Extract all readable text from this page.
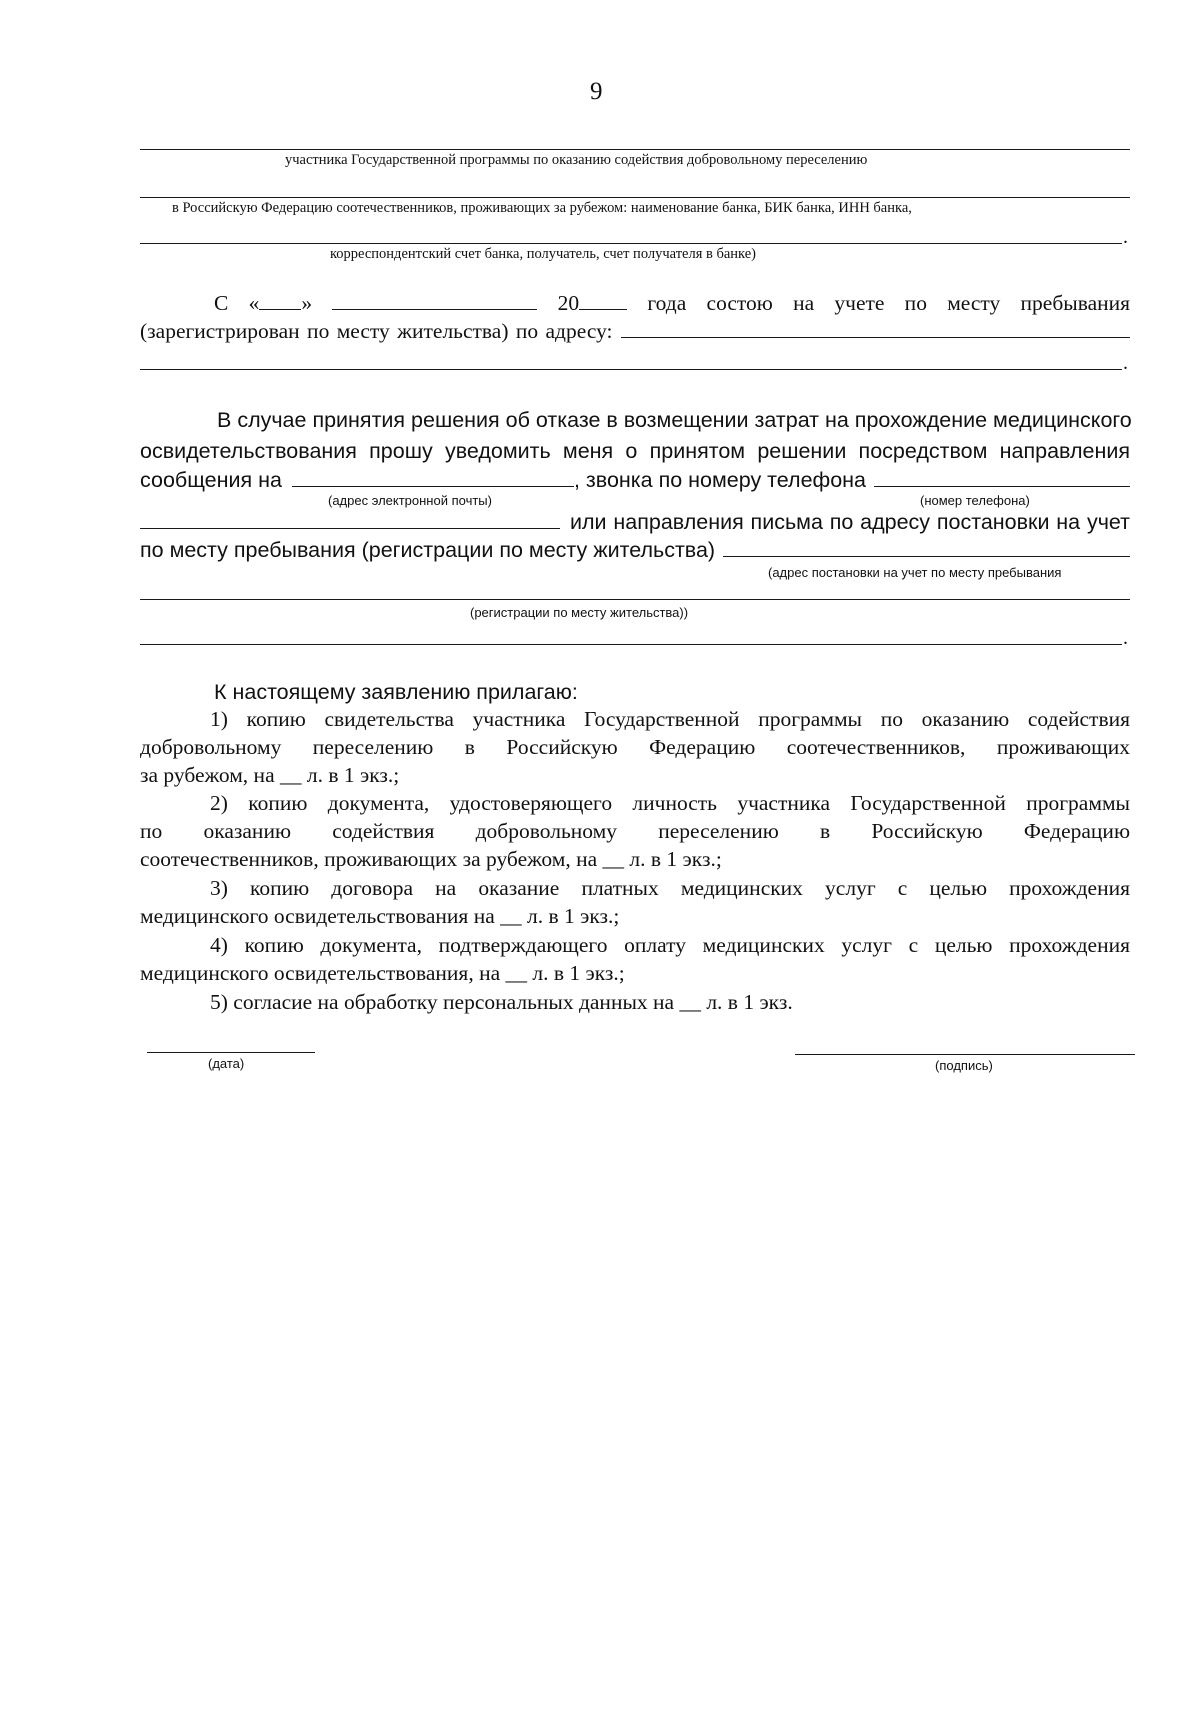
9
участника Государственной программы по оказанию содействия добровольному переселению
в Российскую Федерацию соотечественников, проживающих за рубежом: наименование банка, БИК банка, ИНН банка,
.
корреспондентский счет банка, получатель, счет получателя в банке)
С « »	20	года состою на учете по месту пребывания
(зарегистрирован по месту жительства) по адресу:
.
В случае принятия решения об отказе в возмещении затрат на прохождение медицинского
освидетельствования прошу уведомить меня о принятом решении посредством направления
сообщения на	, звонка по номеру телефона
(адрес электронной почты)	(номер телефона)
или направления письма по адресу постановки на учет
по месту пребывания (регистрации по месту жительства)
(адрес постановки на учет по месту пребывания
(регистрации по месту жительства))
.
К настоящему заявлению прилагаю:
1) копию свидетельства участника Государственной программы по оказанию содействия
добровольному переселению в Российскую Федерацию соотечественников, проживающих
за рубежом, на __ л. в 1 экз.;
2) копию документа, удостоверяющего личность участника Государственной программы
по оказанию содействия добровольному переселению в Российскую Федерацию
соотечественников, проживающих за рубежом, на __ л. в 1 экз.;
3) копию договора на оказание платных медицинских услуг с целью прохождения
медицинского освидетельствования на __ л. в 1 экз.;
4) копию документа, подтверждающего оплату медицинских услуг с целью прохождения
медицинского освидетельствования, на __ л. в 1 экз.;
5) согласие на обработку персональных данных на __ л. в 1 экз.
(дата)	(подпись)
